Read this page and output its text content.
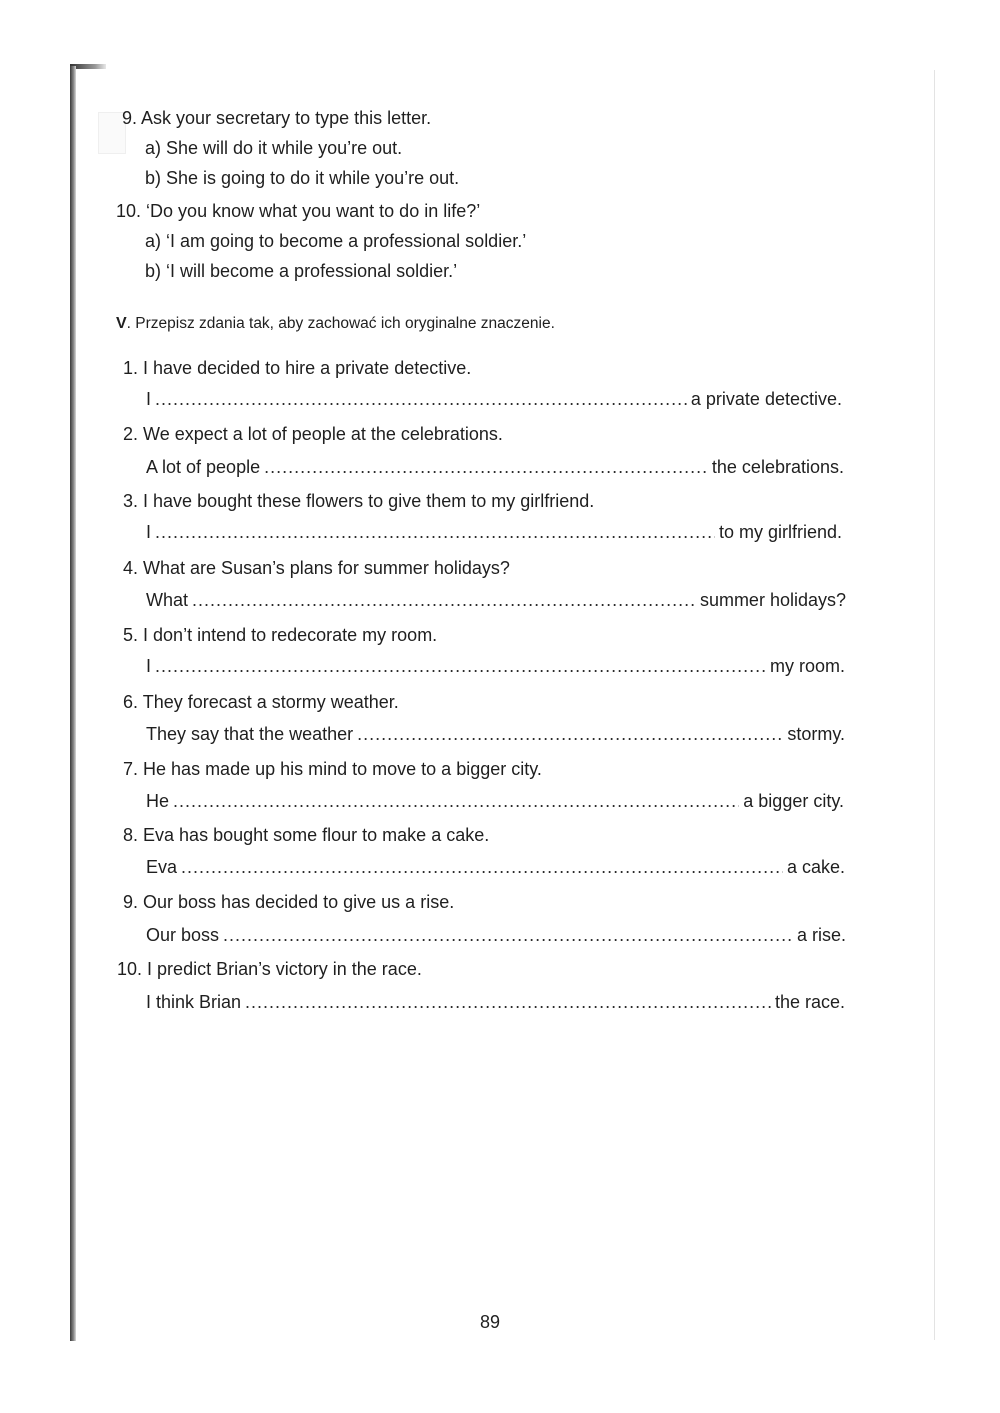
9. Ask your secretary to type this letter.
a) She will do it while you’re out.
b) She is going to do it while you’re out.
10. ‘Do you know what you want to do in life?’
a) ‘I am going to become a professional soldier.’
b) ‘I will become a professional soldier.’
V. Przepisz zdania tak, aby zachować ich oryginalne znaczenie.
1. I have decided to hire a private detective.
I .....	a private detective.
2. We expect a lot of people at the celebrations.
A lot of people .....	the celebrations.
3. I have bought these flowers to give them to my girlfriend.
I .....	to my girlfriend.
4. What are Susan’s plans for summer holidays?
What .....	summer holidays?
5. I don’t intend to redecorate my room.
I .....	my room.
6. They forecast a stormy weather.
They say that the weather .....	stormy.
7. He has made up his mind to move to a bigger city.
He .....	a bigger city.
8. Eva has bought some flour to make a cake.
Eva .....	a cake.
9. Our boss has decided to give us a rise.
Our boss .....	a rise.
10. I predict Brian’s victory in the race.
I think Brian .....	the race.
89
